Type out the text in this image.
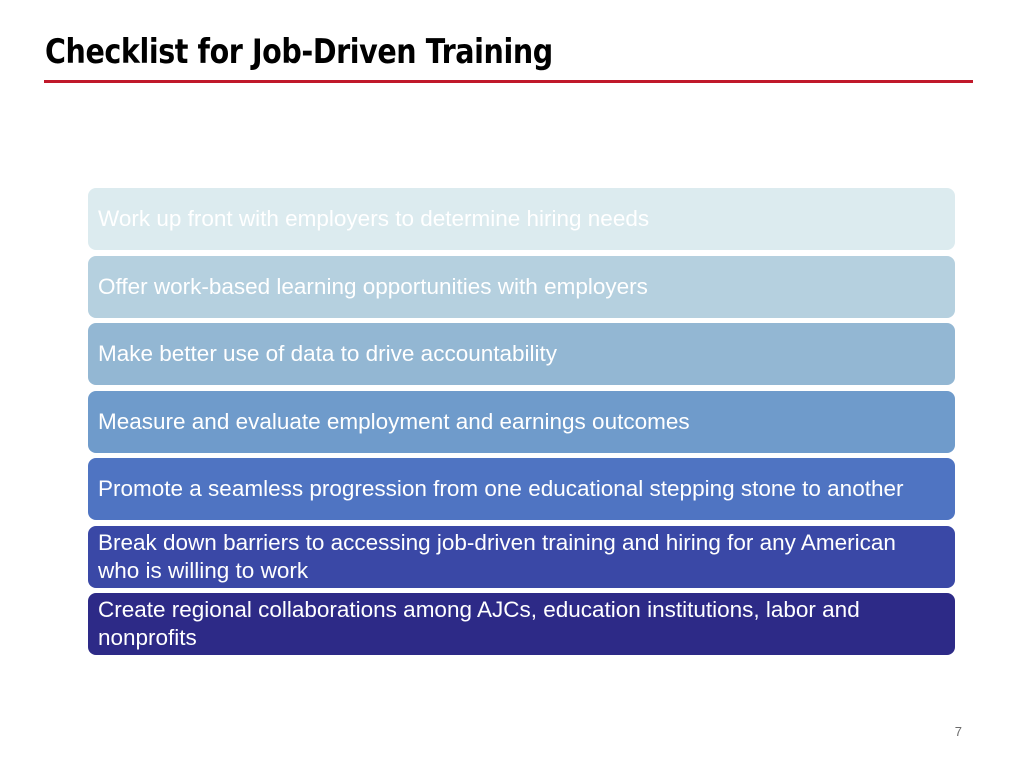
Checklist for Job-Driven Training
Work up front with employers to determine hiring needs
Offer work-based learning opportunities with employers
Make better use of data to drive accountability
Measure and evaluate employment and earnings outcomes
Promote a seamless progression from one educational stepping stone to another
Break down barriers to accessing job-driven training and hiring for any American who is willing to work
Create regional collaborations among AJCs, education institutions, labor and nonprofits
7
